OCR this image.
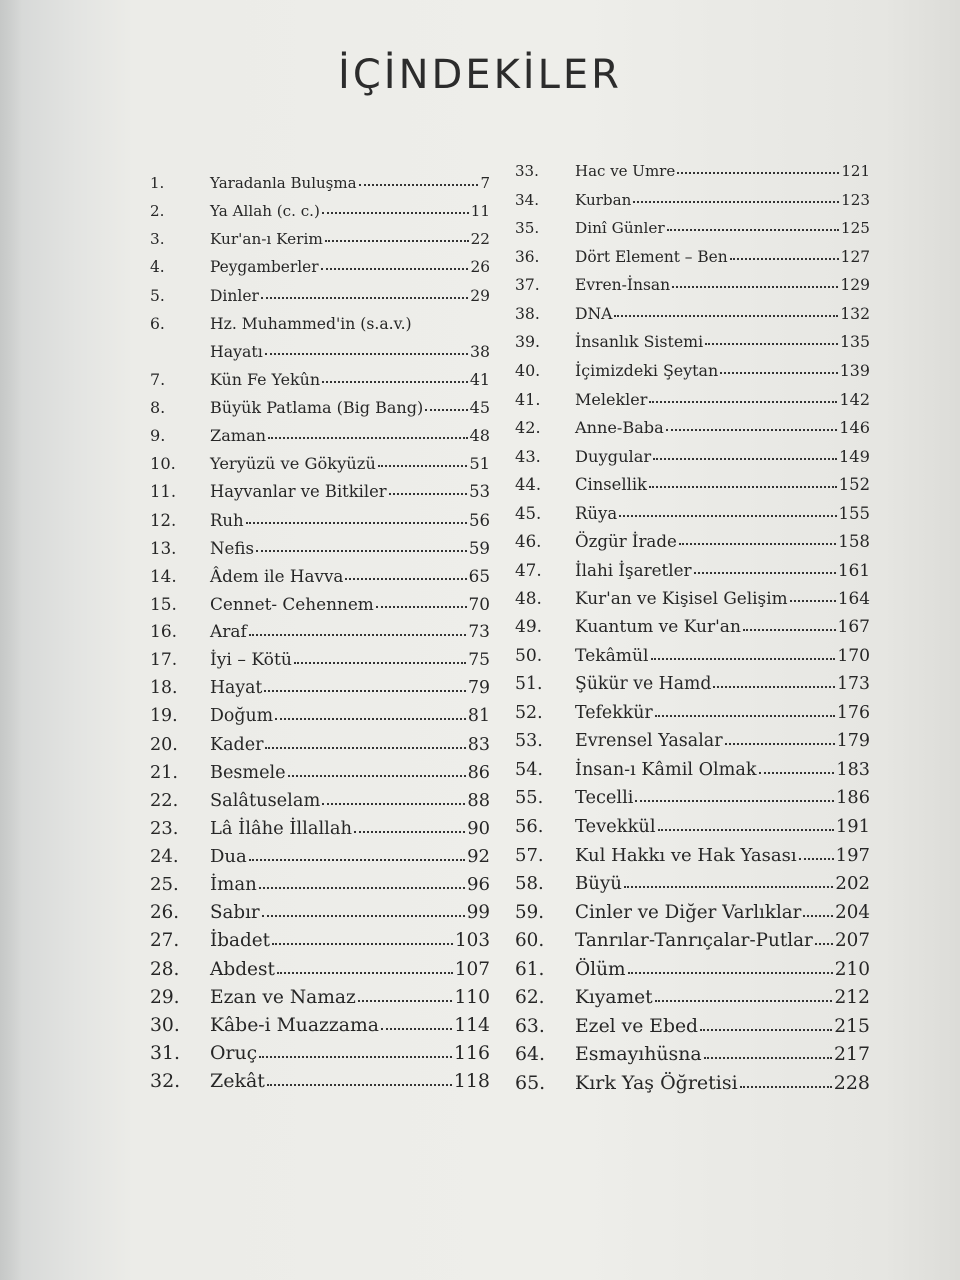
İÇİNDEKİLER
1.	Yaradanla Buluşma	7
2.	Ya Allah (c. c.)	11
3.	Kur'an-ı Kerim	22
4.	Peygamberler	26
5.	Dinler	29
6.	Hz. Muhammed'in (s.a.v.)
Hayatı	38
7.	Kün Fe Yekûn	41
8.	Büyük Patlama (Big Bang)	45
9.	Zaman	48
10.	Yeryüzü ve Gökyüzü	51
11.	Hayvanlar ve Bitkiler	53
12.	Ruh	56
13.	Nefis	59
14.	Âdem ile Havva	65
15.	Cennet- Cehennem	70
16.	Araf	73
17.	İyi – Kötü	75
18.	Hayat	79
19.	Doğum	81
20.	Kader	83
21.	Besmele	86
22.	Salâtuselam	88
23.	Lâ İlâhe İllallah	90
24.	Dua	92
25.	İman	96
26.	Sabır	99
27.	İbadet	103
28.	Abdest	107
29.	Ezan ve Namaz	110
30.	Kâbe-i Muazzama	114
31.	Oruç	116
32.	Zekât	118
33.	Hac ve Umre	121
34.	Kurban	123
35.	Dinî Günler	125
36.	Dört Element – Ben	127
37.	Evren-İnsan	129
38.	DNA	132
39.	İnsanlık Sistemi	135
40.	İçimizdeki Şeytan	139
41.	Melekler	142
42.	Anne-Baba	146
43.	Duygular	149
44.	Cinsellik	152
45.	Rüya	155
46.	Özgür İrade	158
47.	İlahi İşaretler	161
48.	Kur'an ve Kişisel Gelişim	164
49.	Kuantum ve Kur'an	167
50.	Tekâmül	170
51.	Şükür ve Hamd	173
52.	Tefekkür	176
53.	Evrensel Yasalar	179
54.	İnsan-ı Kâmil Olmak	183
55.	Tecelli	186
56.	Tevekkül	191
57.	Kul Hakkı ve Hak Yasası 197
58.	Büyü	202
59.	Cinler ve Diğer Varlıklar 204
60.	Tanrılar-Tanrıçalar-Putlar 207
61.	Ölüm	210
62.	Kıyamet	212
63.	Ezel ve Ebed	215
64.	Esmayıhüsna	217
65.	Kırk Yaş Öğretisi	228
